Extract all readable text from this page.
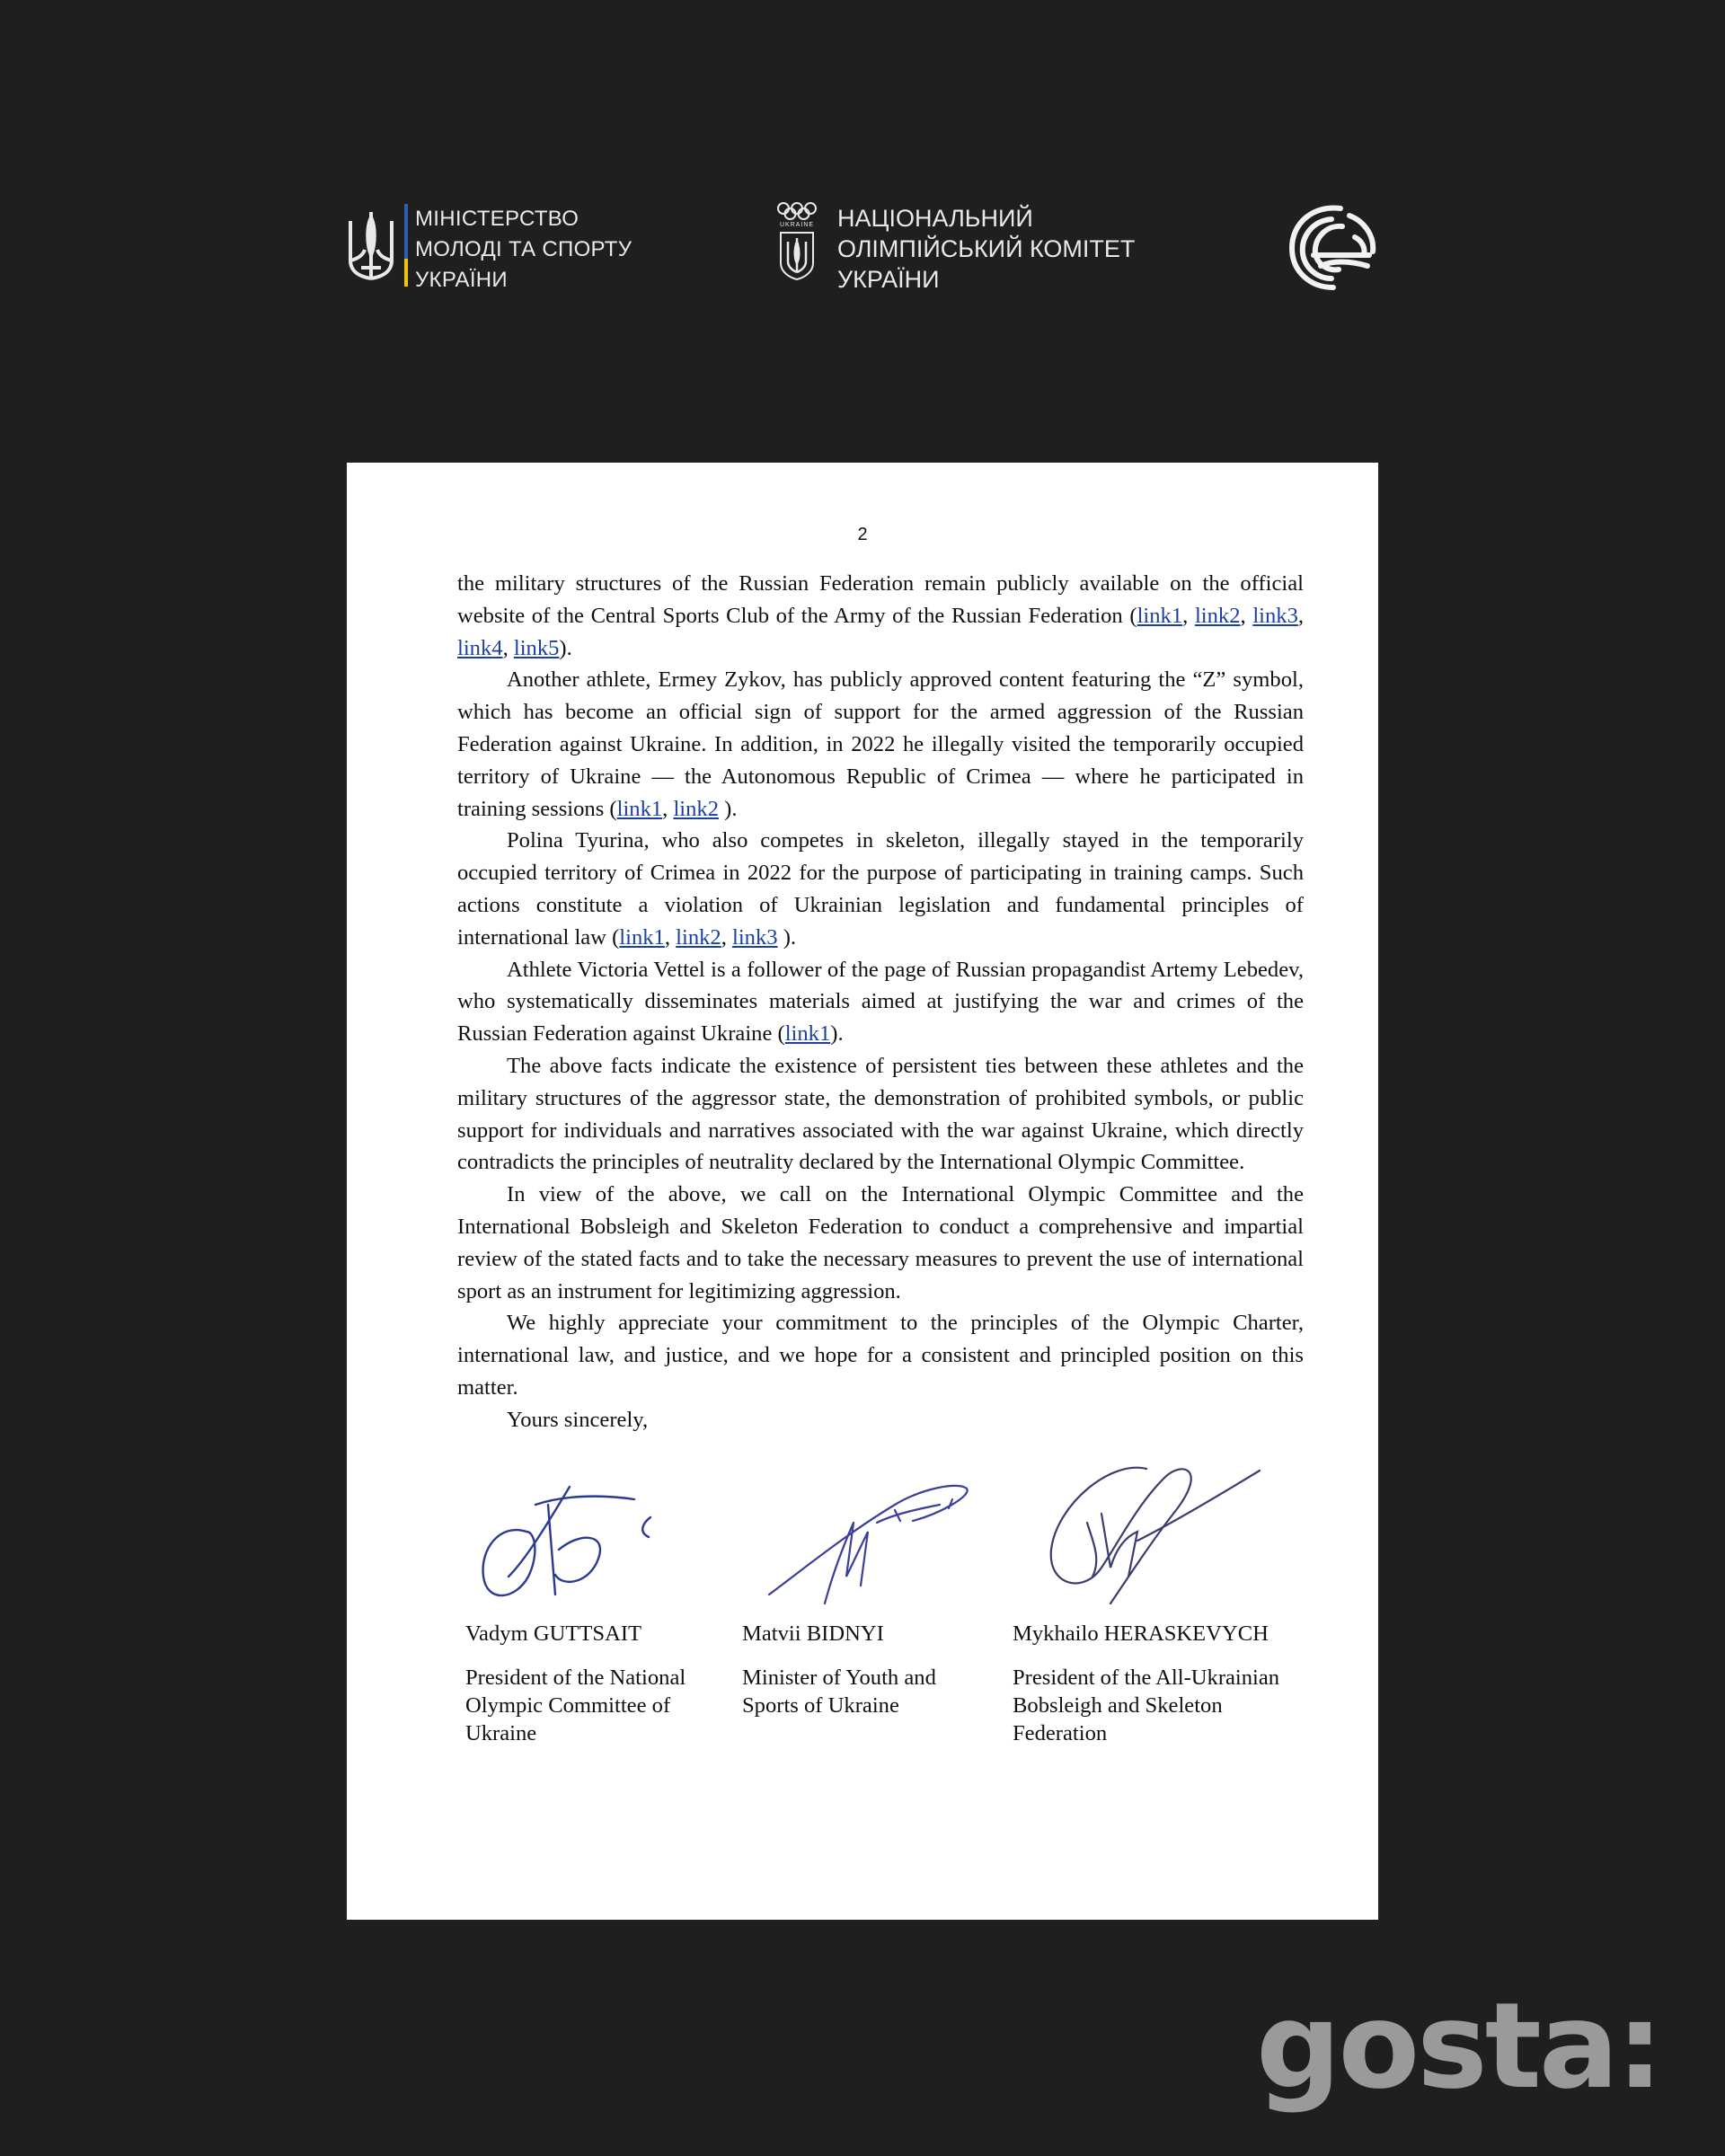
МІНІСТЕРСТВО
МОЛОДІ ТА СПОРТУ
УКРАЇНИ
UKRAINE НАЦІОНАЛЬНИЙ
ОЛІМПІЙСЬКИЙ КОМІТЕТ
УКРАЇНИ
2

the military structures of the Russian Federation remain publicly available on the official website of the Central Sports Club of the Army of the Russian Federation (link1, link2, link3, link4, link5).

Another athlete, Ermey Zykov, has publicly approved content featuring the “Z” symbol, which has become an official sign of support for the armed aggression of the Russian Federation against Ukraine. In addition, in 2022 he illegally visited the temporarily occupied territory of Ukraine — the Autonomous Republic of Crimea — where he participated in training sessions (link1, link2 ).

Polina Tyurina, who also competes in skeleton, illegally stayed in the temporarily occupied territory of Crimea in 2022 for the purpose of participating in training camps. Such actions constitute a violation of Ukrainian legislation and fundamental principles of international law (link1, link2, link3 ).

Athlete Victoria Vettel is a follower of the page of Russian propagandist Artemy Lebedev, who systematically disseminates materials aimed at justifying the war and crimes of the Russian Federation against Ukraine (link1).

The above facts indicate the existence of persistent ties between these athletes and the military structures of the aggressor state, the demonstration of prohibited symbols, or public support for individuals and narratives associated with the war against Ukraine, which directly contradicts the principles of neutrality declared by the International Olympic Committee.

In view of the above, we call on the International Olympic Committee and the International Bobsleigh and Skeleton Federation to conduct a comprehensive and impartial review of the stated facts and to take the necessary measures to prevent the use of international sport as an instrument for legitimizing aggression.

We highly appreciate your commitment to the principles of the Olympic Charter, international law, and justice, and we hope for a consistent and principled position on this matter.

Yours sincerely,

Vadym GUTTSAIT
President of the National
Olympic Committee of
Ukraine
Matvii BIDNYI
Minister of Youth and
Sports of Ukraine
Mykhailo HERASKEVYCH
President of the All-Ukrainian
Bobsleigh and Skeleton
Federation
gosta:
